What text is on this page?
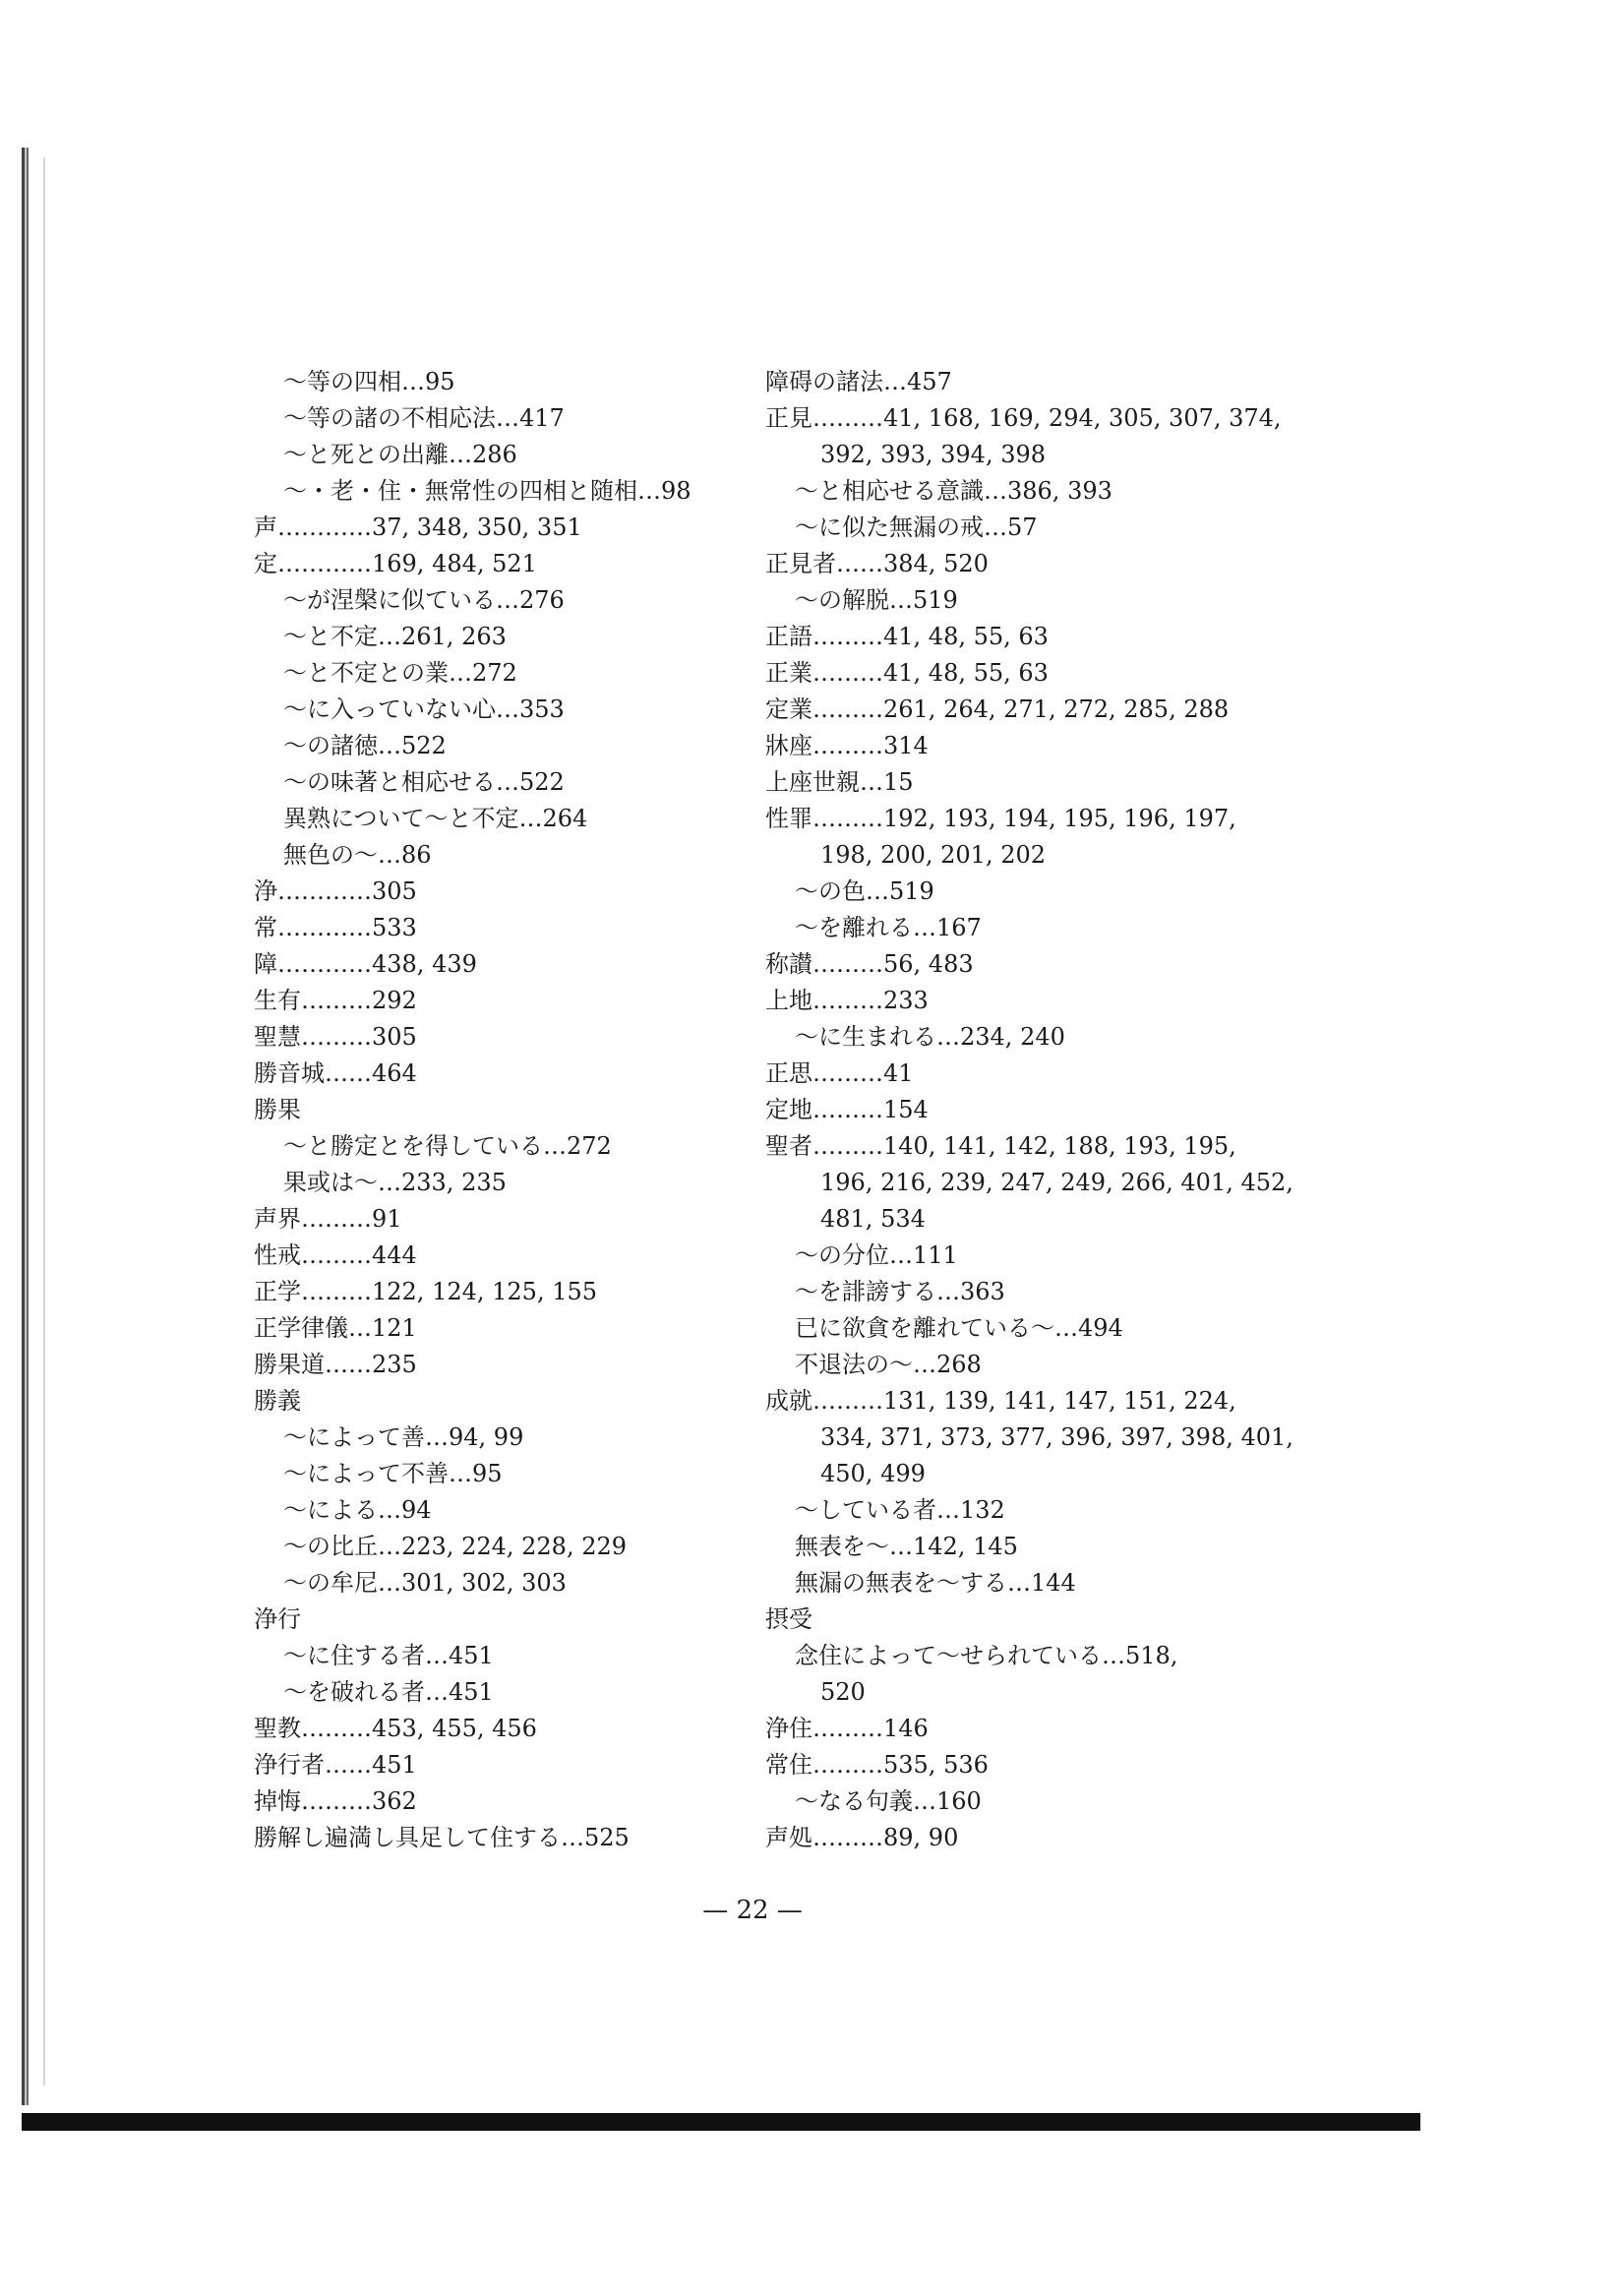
～等の四相…95
～等の諸の不相応法…417
～と死との出離…286
～・老・住・無常性の四相と随相…98
声…………37, 348, 350, 351
定…………169, 484, 521
～が涅槃に似ている…276
～と不定…261, 263
～と不定との業…272
～に入っていない心…353
～の諸徳…522
～の味著と相応せる…522
異熟について～と不定…264
無色の～…86
浄…………305
常…………533
障…………438, 439
生有………292
聖慧………305
勝音城……464
勝果
～と勝定とを得している…272
果或は～…233, 235
声界………91
性戒………444
正学………122, 124, 125, 155
正学律儀…121
勝果道……235
勝義
～によって善…94, 99
～によって不善…95
～による…94
～の比丘…223, 224, 228, 229
～の牟尼…301, 302, 303
浄行
～に住する者…451
～を破れる者…451
聖教………453, 455, 456
浄行者……451
掉悔………362
勝解し遍満し具足して住する…525
障碍の諸法…457
正見………41, 168, 169, 294, 305, 307, 374,
392, 393, 394, 398
～と相応せる意識…386, 393
～に似た無漏の戒…57
正見者……384, 520
～の解脱…519
正語………41, 48, 55, 63
正業………41, 48, 55, 63
定業………261, 264, 271, 272, 285, 288
牀座………314
上座世親…15
性罪………192, 193, 194, 195, 196, 197,
198, 200, 201, 202
～の色…519
～を離れる…167
称讃………56, 483
上地………233
～に生まれる…234, 240
正思………41
定地………154
聖者………140, 141, 142, 188, 193, 195,
196, 216, 239, 247, 249, 266, 401, 452,
481, 534
～の分位…111
～を誹謗する…363
已に欲貪を離れている～…494
不退法の～…268
成就………131, 139, 141, 147, 151, 224,
334, 371, 373, 377, 396, 397, 398, 401,
450, 499
～している者…132
無表を～…142, 145
無漏の無表を～する…144
摂受
念住によって～せられている…518,
520
浄住………146
常住………535, 536
～なる句義…160
声処………89, 90
— 22 —
